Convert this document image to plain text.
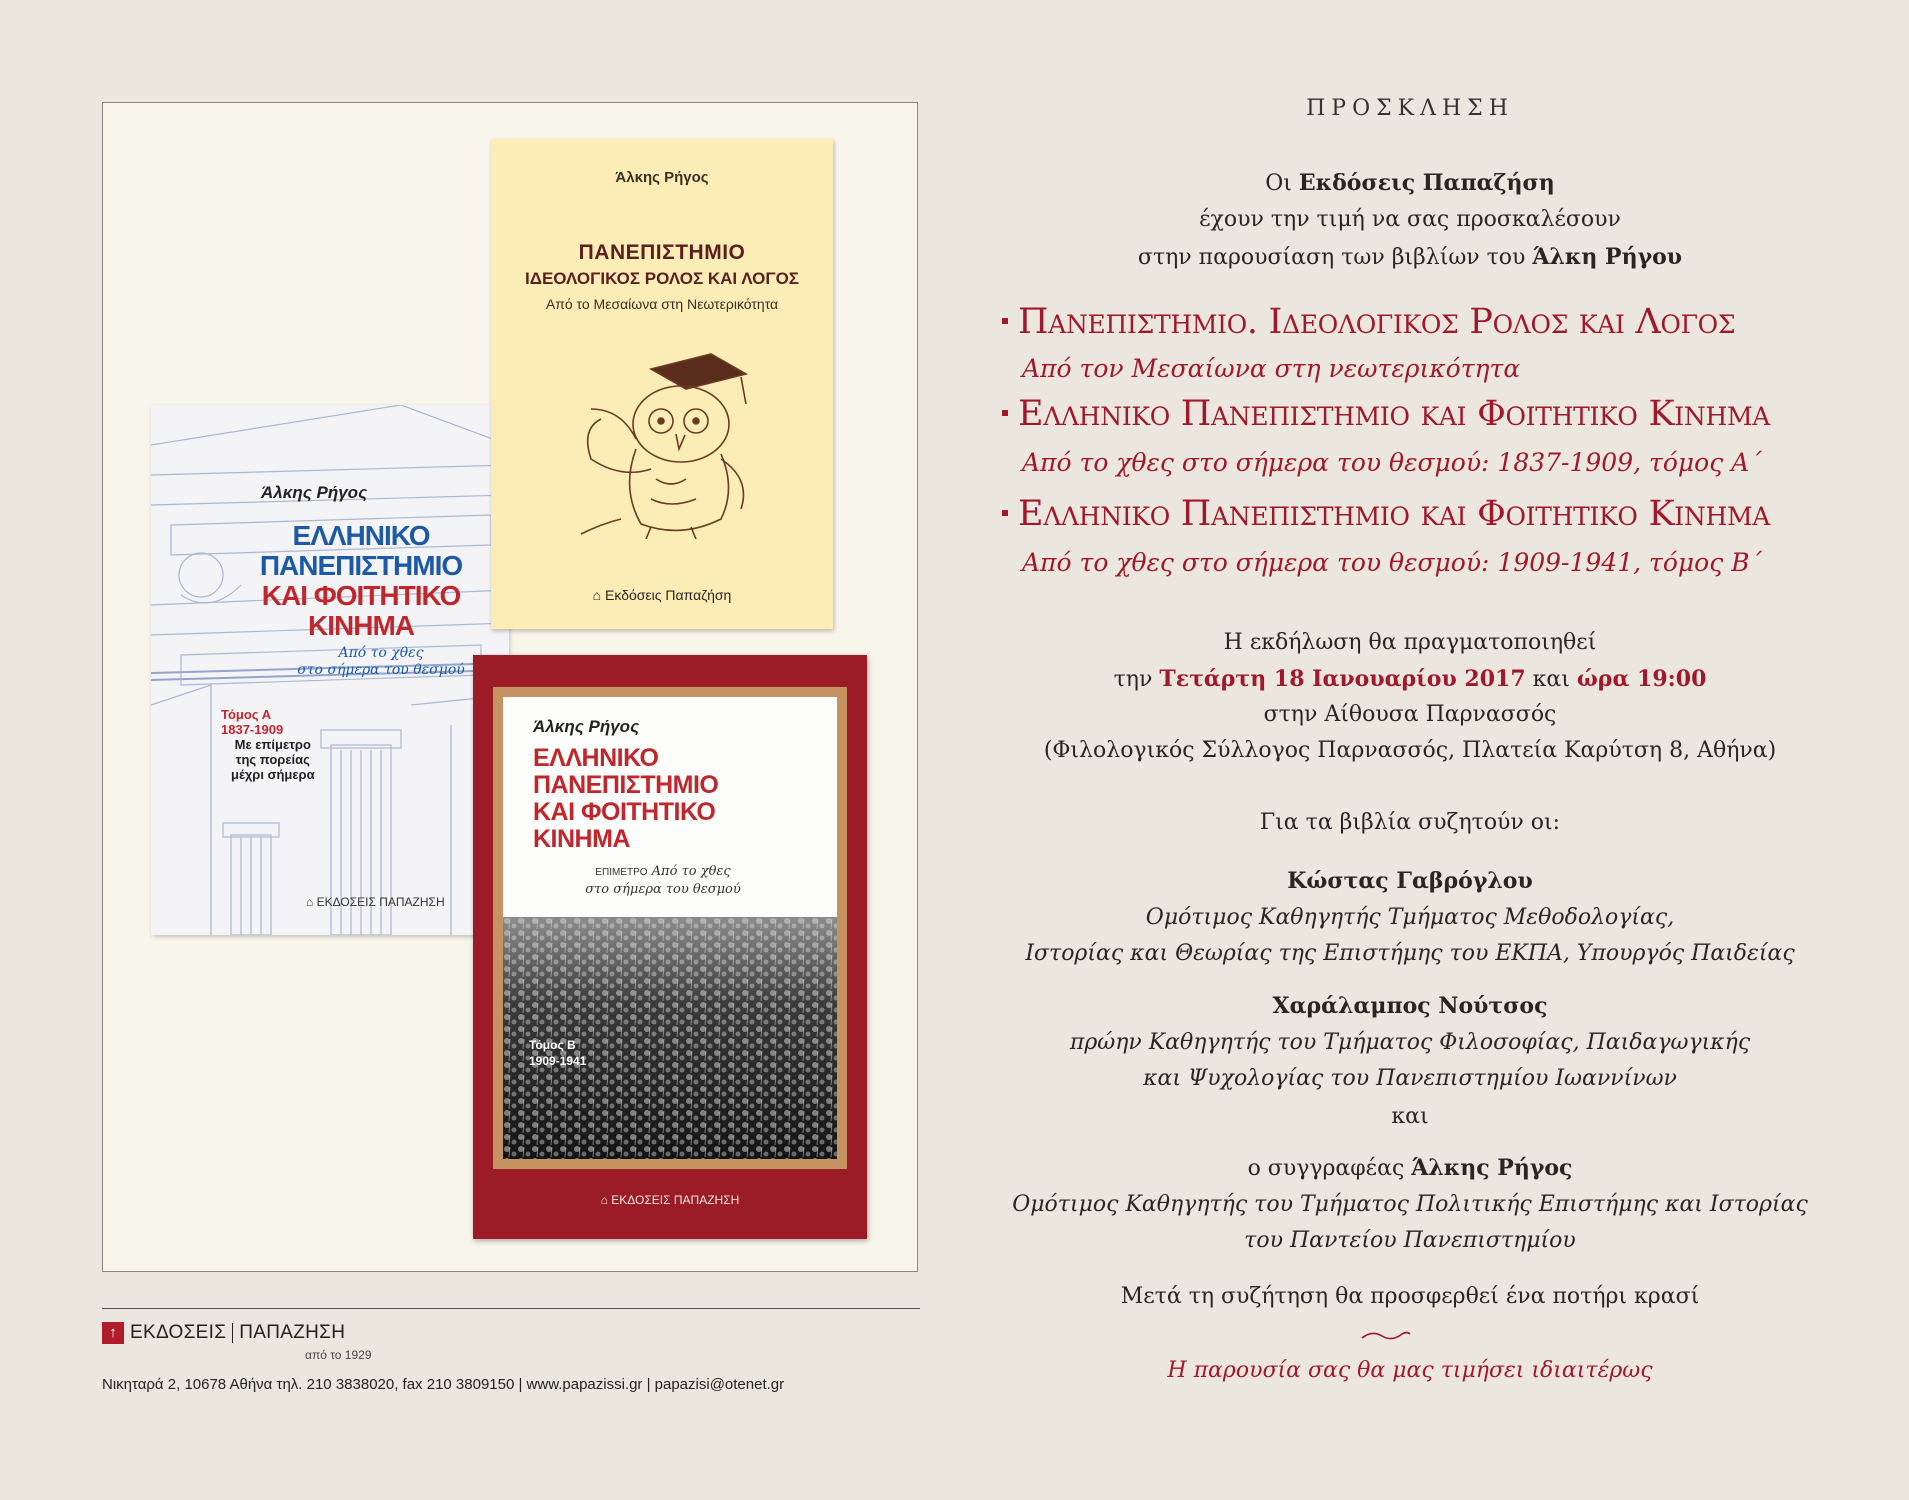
Άλκης Ρήγος
ΕΛΛΗΝΙΚΟ
ΠΑΝΕΠΙΣΤΗΜΙΟ
ΚΑΙ ΦΟΙΤΗΤΙΚΟ
ΚΙΝΗΜΑ
Από το χθες
στο σήμερα του θεσμού
Τόμος Α
1837-1909
Με επίμετρο
της πορείας
μέχρι σήμερα
⌂ ΕΚΔΟΣΕΙΣ ΠΑΠΑΖΗΣΗ
Άλκης Ρήγος
ΠΑΝΕΠΙΣΤΗΜΙΟ
ΙΔΕΟΛΟΓΙΚΟΣ ΡΟΛΟΣ ΚΑΙ ΛΟΓΟΣ
Από το Μεσαίωνα στη Νεωτερικότητα
⌂ Εκδόσεις Παπαζήση
Άλκης Ρήγος
ΕΛΛΗΝΙΚΟ
ΠΑΝΕΠΙΣΤΗΜΙΟ
ΚΑΙ ΦΟΙΤΗΤΙΚΟ
ΚΙΝΗΜΑ
ΕΠΙΜΕΤΡΟ Από το χθες
στο σήμερα του θεσμού
Τόμος Β
1909-1941
⌂ ΕΚΔΟΣΕΙΣ ΠΑΠΑΖΗΣΗ
↑ ΕΚΔΟΣΕΙΣ ΠΑΠΑΖΗΣΗ
από το 1929
Νικηταρά 2, 10678 Αθήνα τηλ. 210 3838020, fax 210 3809150 | www.papazissi.gr | papazisi@otenet.gr
ΠΡΟΣΚΛΗΣΗ
Οι Εκδόσεις Παπαζήση
έχουν την τιμή να σας προσκαλέσουν
στην παρουσίαση των βιβλίων του Άλκη Ρήγου
Πανεπιστημιο. Ιδεολογικος Ρολος και Λογος
Από τον Μεσαίωνα στη νεωτερικότητα
Ελληνικο Πανεπιστημιο και Φοιτητικο Κινημα
Από το χθες στο σήμερα του θεσμού: 1837-1909, τόμος Α΄
Ελληνικο Πανεπιστημιο και Φοιτητικο Κινημα
Από το χθες στο σήμερα του θεσμού: 1909-1941, τόμος Β΄
Η εκδήλωση θα πραγματοποιηθεί
την Τετάρτη 18 Ιανουαρίου 2017 και ώρα 19:00
στην Αίθουσα Παρνασσός
(Φιλολογικός Σύλλογος Παρνασσός, Πλατεία Καρύτση 8, Αθήνα)
Για τα βιβλία συζητούν οι:
Κώστας Γαβρόγλου
Ομότιμος Καθηγητής Τμήματος Μεθοδολογίας,
Ιστορίας και Θεωρίας της Επιστήμης του ΕΚΠΑ, Υπουργός Παιδείας
Χαράλαμπος Νούτσος
πρώην Καθηγητής του Τμήματος Φιλοσοφίας, Παιδαγωγικής
και Ψυχολογίας του Πανεπιστημίου Ιωαννίνων
και
ο συγγραφέας Άλκης Ρήγος
Ομότιμος Καθηγητής του Τμήματος Πολιτικής Επιστήμης και Ιστορίας
του Παντείου Πανεπιστημίου
Μετά τη συζήτηση θα προσφερθεί ένα ποτήρι κρασί
Η παρουσία σας θα μας τιμήσει ιδιαιτέρως
